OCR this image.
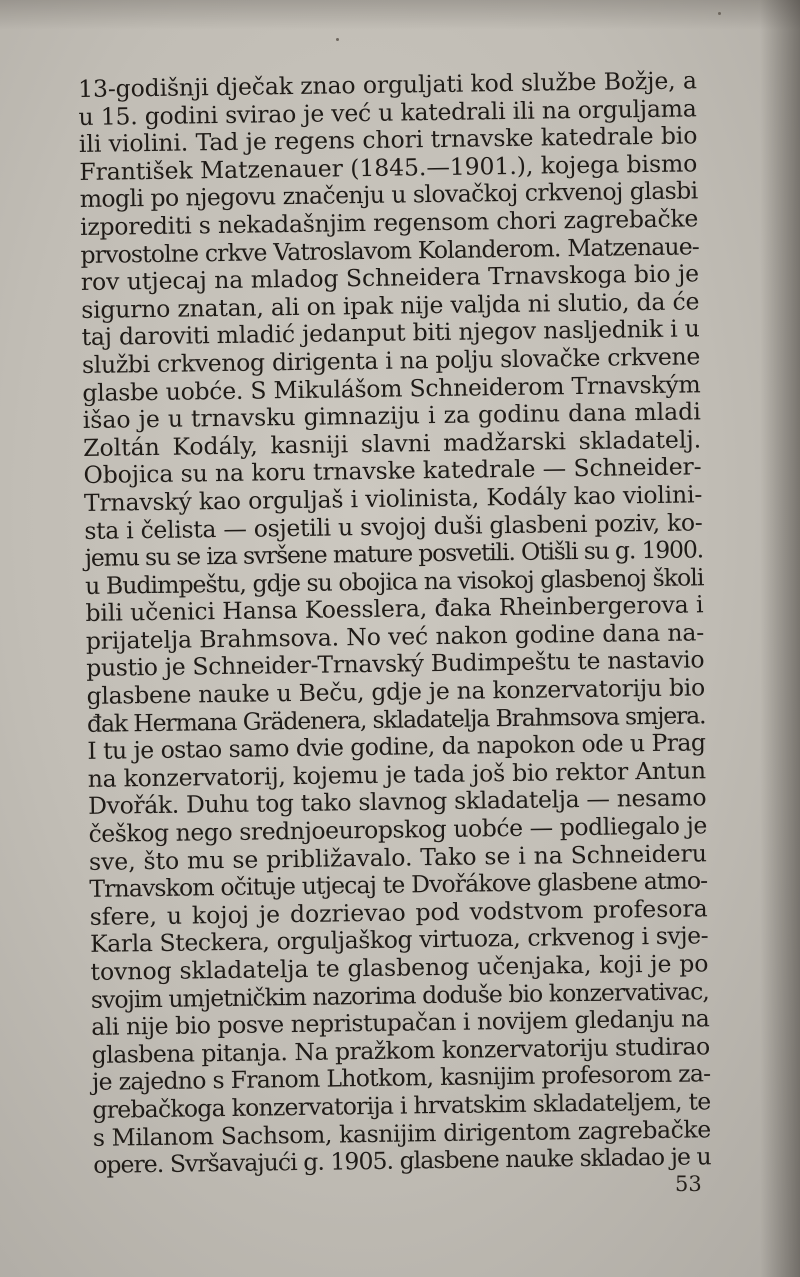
13-godišnji dječak znao orguljati kod službe Božje, a
u 15. godini svirao je već u katedrali ili na orguljama
ili violini. Tad je regens chori trnavske katedrale bio
František Matzenauer (1845.—1901.), kojega bismo
mogli po njegovu značenju u slovačkoj crkvenoj glasbi
izporediti s nekadašnjim regensom chori zagrebačke
prvostolne crkve Vatroslavom Kolanderom. Matzenaue-
rov utjecaj na mladog Schneidera Trnavskoga bio je
sigurno znatan, ali on ipak nije valjda ni slutio, da će
taj daroviti mladić jedanput biti njegov nasljednik i u
službi crkvenog dirigenta i na polju slovačke crkvene
glasbe uobće. S Mikulášom Schneiderom Trnavským
išao je u trnavsku gimnaziju i za godinu dana mladi
Zoltán Kodály, kasniji slavni madžarski skladatelj.
Obojica su na koru trnavske katedrale — Schneider-
Trnavský kao orguljaš i violinista, Kodály kao violini-
sta i čelista — osjetili u svojoj duši glasbeni poziv, ko-
jemu su se iza svršene mature posvetili. Otišli su g. 1900.
u Budimpeštu, gdje su obojica na visokoj glasbenoj školi
bili učenici Hansa Koesslera, đaka Rheinbergerova i
prijatelja Brahmsova. No već nakon godine dana na-
pustio je Schneider-Trnavský Budimpeštu te nastavio
glasbene nauke u Beču, gdje je na konzervatoriju bio
đak Hermana Grädenera, skladatelja Brahmsova smjera.
I tu je ostao samo dvie godine, da napokon ode u Prag
na konzervatorij, kojemu je tada još bio rektor Antun
Dvořák. Duhu tog tako slavnog skladatelja — nesamo
češkog nego srednjoeuropskog uobće — podliegalo je
sve, što mu se približavalo. Tako se i na Schneideru
Trnavskom očituje utjecaj te Dvořákove glasbene atmo-
sfere, u kojoj je dozrievao pod vodstvom profesora
Karla Steckera, orguljaškog virtuoza, crkvenog i svje-
tovnog skladatelja te glasbenog učenjaka, koji je po
svojim umjetničkim nazorima doduše bio konzervativac,
ali nije bio posve nepristupačan i novijem gledanju na
glasbena pitanja. Na pražkom konzervatoriju studirao
je zajedno s Franom Lhotkom, kasnijim profesorom za-
grebačkoga konzervatorija i hrvatskim skladateljem, te
s Milanom Sachsom, kasnijim dirigentom zagrebačke
opere. Svršavajući g. 1905. glasbene nauke skladao je u
53
